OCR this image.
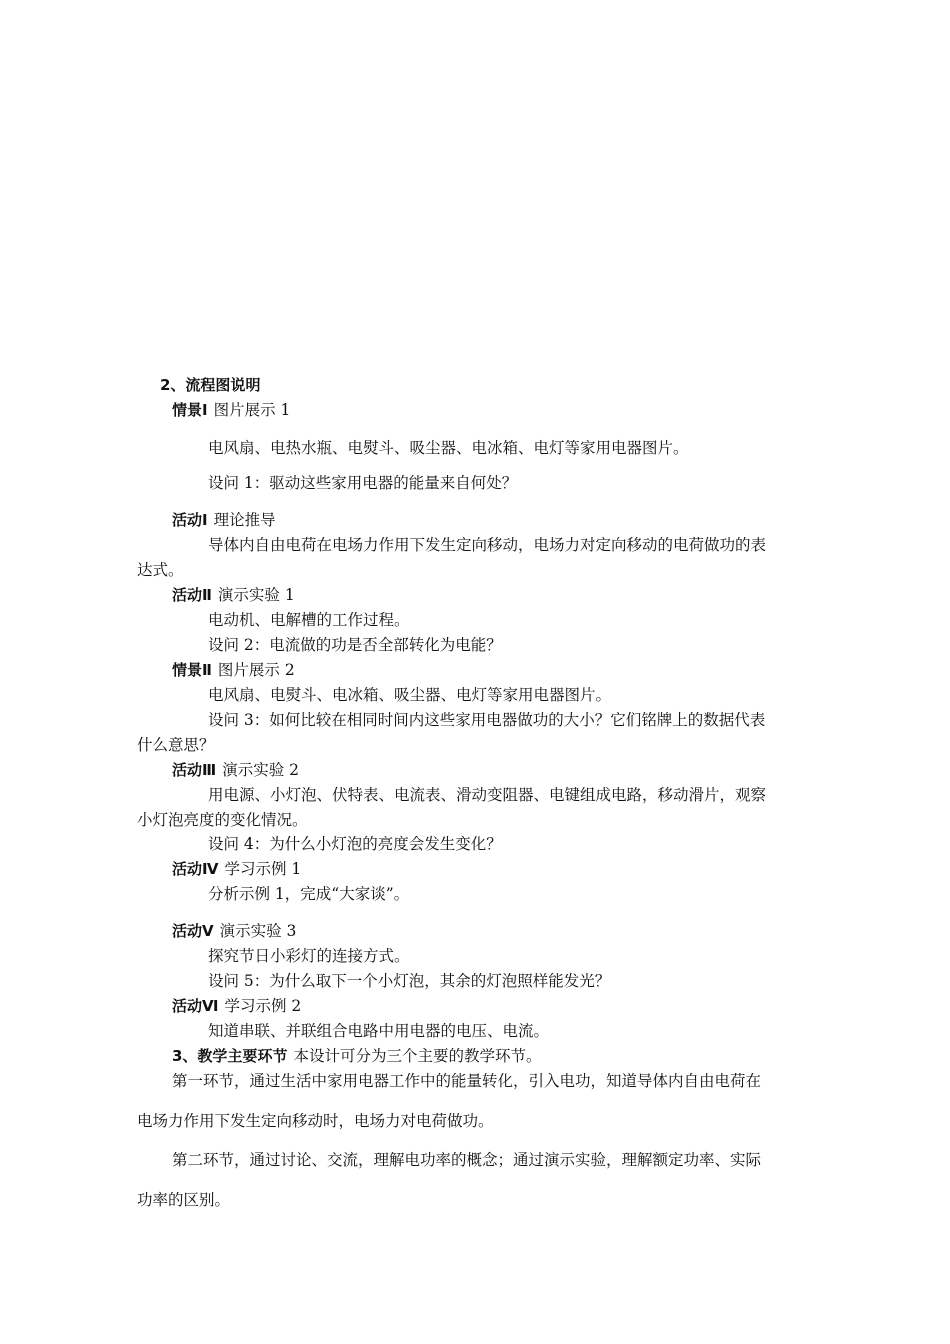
2、流程图说明
情景Ⅰ 图片展示 1
电风扇、电热水瓶、电熨斗、吸尘器、电冰箱、电灯等家用电器图片。
设问 1：驱动这些家用电器的能量来自何处？
活动Ⅰ 理论推导
导体内自由电荷在电场力作用下发生定向移动，电场力对定向移动的电荷做功的表
达式。
活动Ⅱ 演示实验 1
电动机、电解槽的工作过程。
设问 2：电流做的功是否全部转化为电能？
情景Ⅱ 图片展示 2
电风扇、电熨斗、电冰箱、吸尘器、电灯等家用电器图片。
设问 3：如何比较在相同时间内这些家用电器做功的大小？它们铭牌上的数据代表
什么意思？
活动Ⅲ 演示实验 2
用电源、小灯泡、伏特表、电流表、滑动变阻器、电键组成电路，移动滑片，观察
小灯泡亮度的变化情况。
设问 4：为什么小灯泡的亮度会发生变化？
活动Ⅳ 学习示例 1
分析示例 1，完成“大家谈”。
活动Ⅴ 演示实验 3
探究节日小彩灯的连接方式。
设问 5：为什么取下一个小灯泡，其余的灯泡照样能发光？
活动Ⅵ 学习示例 2
知道串联、并联组合电路中用电器的电压、电流。
3、教学主要环节 本设计可分为三个主要的教学环节。
第一环节，通过生活中家用电器工作中的能量转化，引入电功，知道导体内自由电荷在
电场力作用下发生定向移动时，电场力对电荷做功。
第二环节，通过讨论、交流，理解电功率的概念；通过演示实验，理解额定功率、实际
功率的区别。
